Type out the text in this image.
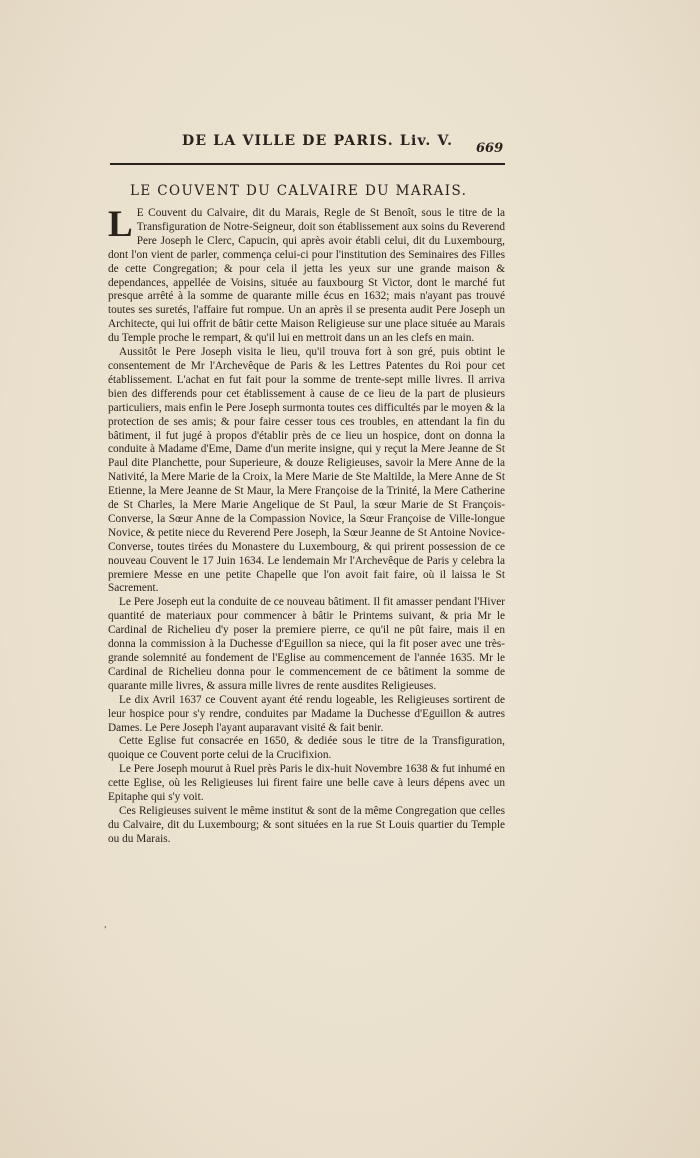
DE LA VILLE DE PARIS. Liv. V.	669
LE COUVENT DU CALVAIRE DU MARAIS.

L E Couvent du Calvaire, dit du Marais, Regle de St Benoît, sous le titre de la Transfiguration de Notre-Seigneur, doit son établissement aux soins du Reverend Pere Joseph le Clerc, Capucin, qui après avoir établi celui, dit du Luxembourg, dont l'on vient de parler, commença celui-ci pour l'institution des Seminaires des Filles de cette Congregation; & pour cela il jetta les yeux sur une grande maison & dependances, appellée de Voisins, située au fauxbourg St Victor, dont le marché fut presque arrêté à la somme de quarante mille écus en 1632; mais n'ayant pas trouvé toutes ses suretés, l'affaire fut rompue. Un an après il se presenta audit Pere Joseph un Architecte, qui lui offrit de bâtir cette Maison Religieuse sur une place située au Marais du Temple proche le rempart, & qu'il lui en mettroit dans un an les clefs en main.

Aussitôt le Pere Joseph visita le lieu, qu'il trouva fort à son gré, puis obtint le consentement de Mr l'Archevêque de Paris & les Lettres Patentes du Roi pour cet établissement. L'achat en fut fait pour la somme de trente-sept mille livres. Il arriva bien des differends pour cet établissement à cause de ce lieu de la part de plusieurs particuliers, mais enfin le Pere Joseph surmonta toutes ces difficultés par le moyen & la protection de ses amis; & pour faire cesser tous ces troubles, en attendant la fin du bâtiment, il fut jugé à propos d'établir près de ce lieu un hospice, dont on donna la conduite à Madame d'Eme, Dame d'un merite insigne, qui y reçut la Mere Jeanne de St Paul dite Planchette, pour Superieure, & douze Religieuses, savoir la Mere Anne de la Nativité, la Mere Marie de la Croix, la Mere Marie de Ste Maltilde, la Mere Anne de St Etienne, la Mere Jeanne de St Maur, la Mere Françoise de la Trinité, la Mere Catherine de St Charles, la Mere Marie Angelique de St Paul, la sœur Marie de St François-Converse, la Sœur Anne de la Compassion Novice, la Sœur Françoise de Ville-longue Novice, & petite niece du Reverend Pere Joseph, la Sœur Jeanne de St Antoine Novice-Converse, toutes tirées du Monastere du Luxembourg, & qui prirent possession de ce nouveau Couvent le 17 Juin 1634. Le lendemain Mr l'Archevêque de Paris y celebra la premiere Messe en une petite Chapelle que l'on avoit fait faire, où il laissa le St Sacrement.

Le Pere Joseph eut la conduite de ce nouveau bâtiment. Il fit amasser pendant l'Hiver quantité de materiaux pour commencer à bâtir le Printems suivant, & pria Mr le Cardinal de Richelieu d'y poser la premiere pierre, ce qu'il ne pût faire, mais il en donna la commission à la Duchesse d'Eguillon sa niece, qui la fit poser avec une très-grande solemnité au fondement de l'Eglise au commencement de l'année 1635. Mr le Cardinal de Richelieu donna pour le commencement de ce bâtiment la somme de quarante mille livres, & assura mille livres de rente ausdites Religieuses.

Le dix Avril 1637 ce Couvent ayant été rendu logeable, les Religieuses sortirent de leur hospice pour s'y rendre, conduites par Madame la Duchesse d'Eguillon & autres Dames. Le Pere Joseph l'ayant auparavant visité & fait benir.

Cette Eglise fut consacrée en 1650, & dediée sous le titre de la Transfiguration, quoique ce Couvent porte celui de la Crucifixion.

Le Pere Joseph mourut à Ruel près Paris le dix-huit Novembre 1638 & fut inhumé en cette Eglise, où les Religieuses lui firent faire une belle cave à leurs dépens avec un Epitaphe qui s'y voit.

Ces Religieuses suivent le même institut & sont de la même Congregation que celles du Calvaire, dit du Luxembourg; & sont situées en la rue St Louis quartier du Temple ou du Marais.

,
